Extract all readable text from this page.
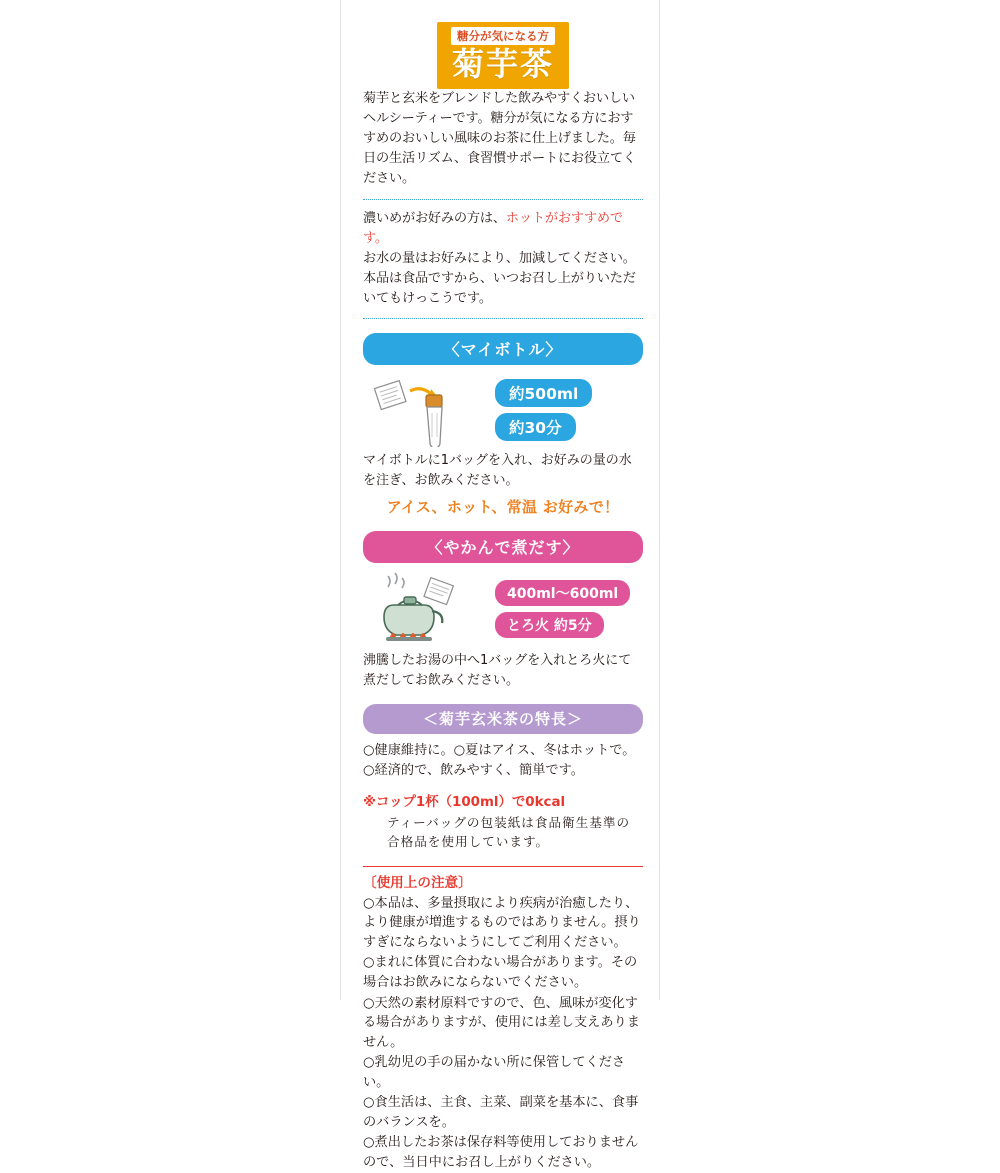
糖分が気になる方
菊芋茶

菊芋と玄米をブレンドした飲みやすくおいしいヘルシーティーです。糖分が気になる方におすすめのおいしい風味のお茶に仕上げました。毎日の生活リズム、食習慣サポートにお役立てください。

濃いめがお好みの方は、ホットがおすすめです。

お水の量はお好みにより、加減してください。本品は食品ですから、いつお召し上がりいただいてもけっこうです。

〈マイボトル〉
約500ml
約30分

マイボトルに1バッグを入れ、お好みの量の水を注ぎ、お飲みください。

アイス、ホット、常温 お好みで！

〈やかんで煮だす〉
400ml〜600ml
とろ火 約5分

沸騰したお湯の中へ1バッグを入れとろ火にて煮だしてお飲みください。

＜菊芋玄米茶の特長＞
○健康維持に。○夏はアイス、冬はホットで。
○経済的で、飲みやすく、簡単です。
※コップ1杯（100ml）で0kcal
ティーバッグの包装紙は食品衛生基準の合格品を使用しています。
〔使用上の注意〕
○本品は、多量摂取により疾病が治癒したり、より健康が増進するものではありません。摂りすぎにならないようにしてご利用ください。
○まれに体質に合わない場合があります。その場合はお飲みにならないでください。
○天然の素材原料ですので、色、風味が変化する場合がありますが、使用には差し支えありません。
○乳幼児の手の届かない所に保管してください。
○食生活は、主食、主菜、副菜を基本に、食事のバランスを。
○煮出したお茶は保存料等使用しておりませんので、当日中にお召し上がりください。
